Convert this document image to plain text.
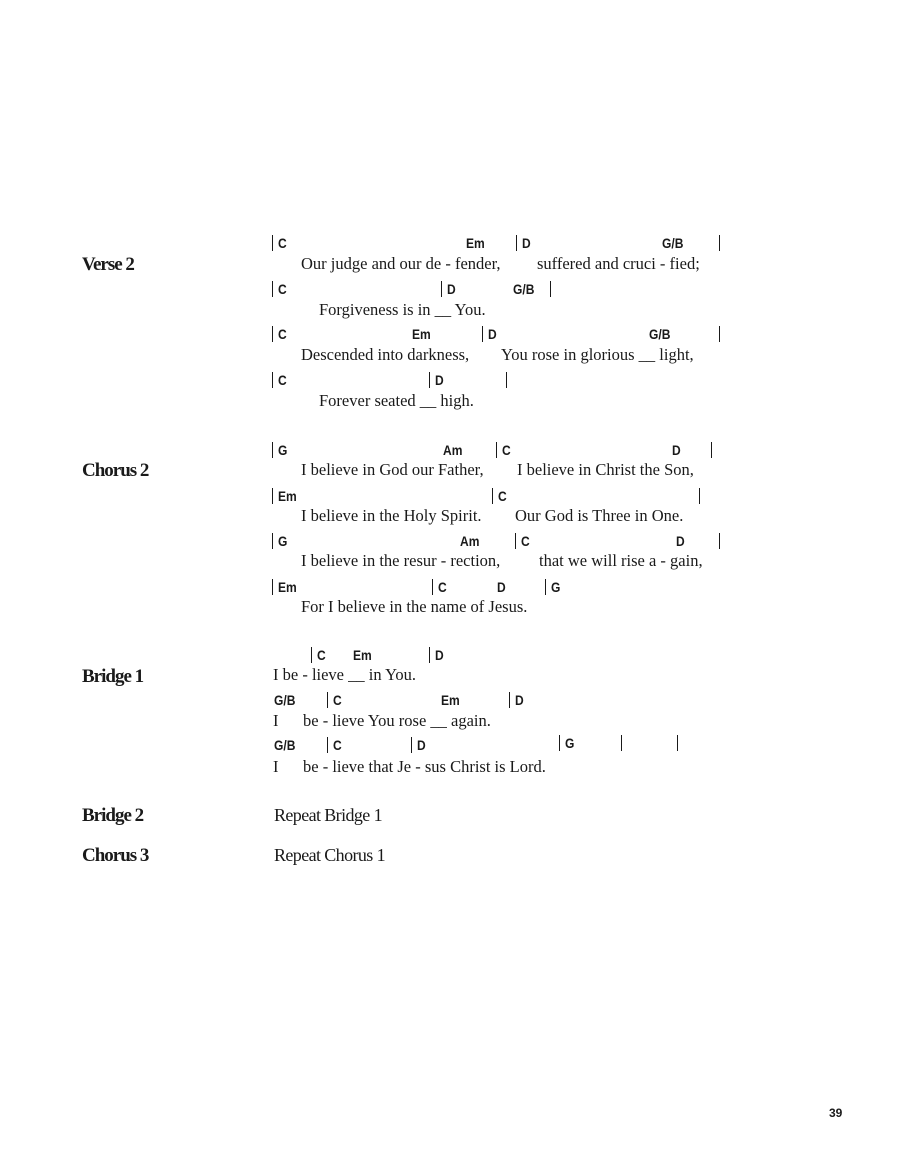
Verse 2
C	Em	D	G/B
Our judge and our de - fender, suffered and cruci - fied;
C	D	G/B
Forgiveness is in __ You.
C	Em	D	G/B
Descended into darkness, You rose in glorious __ light,
C	D
Forever seated __ high.
Chorus 2
G	Am	C	D
I believe in God our Father, I believe in Christ the Son,
Em	C
I believe in the Holy Spirit. Our God is Three in One.
G	Am	C	D
I believe in the resur - rection, that we will rise a - gain,
Em	C	D	G
For I believe in the name of Jesus.
Bridge 1
C Em	D
I be - lieve __ in You.
G/B	C	Em	D
I be - lieve You rose __ again.
G/B	C	D	G
I be - lieve that Je - sus Christ is Lord.
Bridge 2	Repeat Bridge 1
Chorus 3	Repeat Chorus 1
39
